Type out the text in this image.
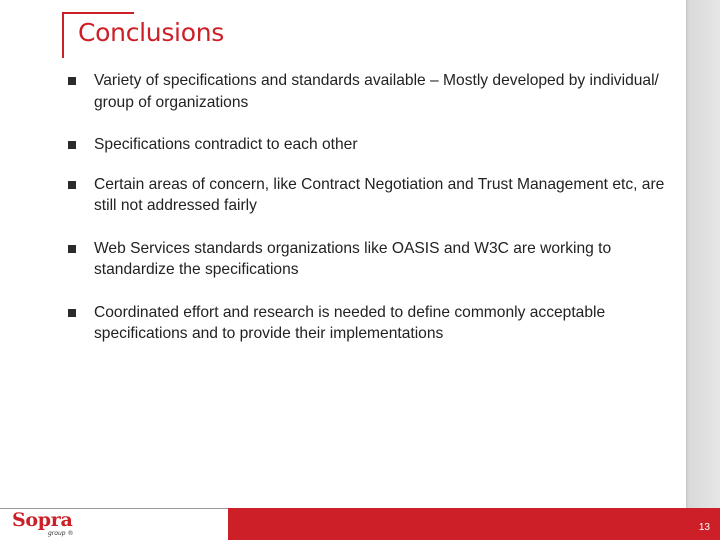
Conclusions
Variety of specifications and standards available – Mostly developed by individual/ group of organizations
Specifications contradict to each other
Certain areas of concern, like Contract Negotiation and Trust Management etc, are still not addressed fairly
Web Services standards organizations like OASIS and W3C are working to standardize the specifications
Coordinated effort and research is needed to define commonly acceptable specifications and to provide their implementations
Sopra
group ®
13
